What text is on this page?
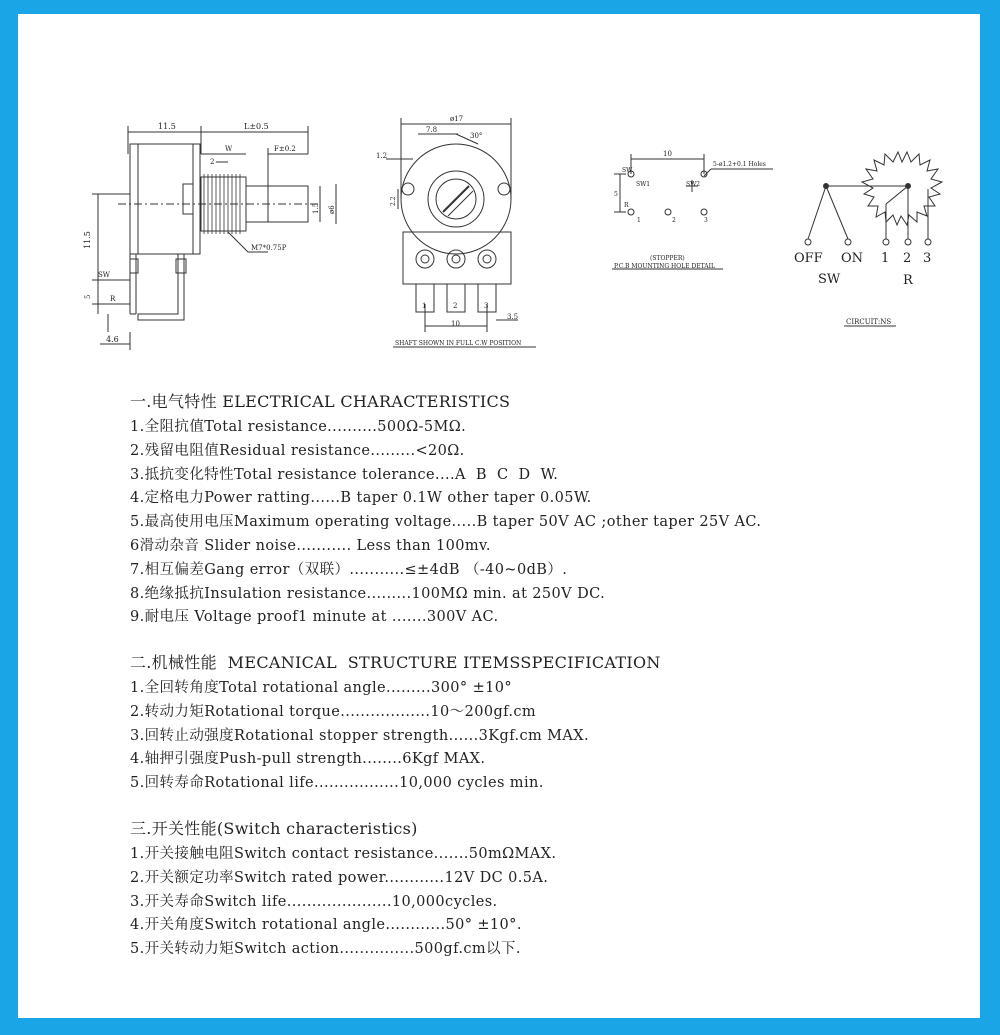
11.5	L±0.5
W
2
F±0.2
1.5 ø6
M7*0.75P
11.5
SW
R
5
4.6
ø17
7.8
30°
1.2
2.2
1	2	3
10
3.5
SHAFT SHOWN IN FULL C.W POSITION
10
5-ø1.2+0.1 Holes
SW1	SW2
5
SW
R
1	2	3
(STOPPER)
P.C.B MOUNTING HOLE DETAIL
OFF ON
SW
1 2 3
R
CIRCUIT:NS
一.电气特性 ELECTRICAL CHARACTERISTICS
1.全阻抗值Total resistance..........500Ω-5MΩ.
2.残留电阻值Residual resistance.........<20Ω.
3.抵抗变化特性Total resistance tolerance....A  B  C  D  W.
4.定格电力Power ratting......B taper 0.1W other taper 0.05W.
5.最高使用电压Maximum operating voltage.....B taper 50V AC ;other taper 25V AC.
6滑动杂音 Slider noise........... Less than 100mv.
7.相互偏差Gang error（双联）...........≤±4dB （-40~0dB）.
8.绝缘抵抗Insulation resistance.........100MΩ min. at 250V DC.
9.耐电压 Voltage proof1 minute at .......300V AC.
二.机械性能  MECANICAL  STRUCTURE ITEMSSPECIFICATION
1.全回转角度Total rotational angle.........300° ±10°
2.转动力矩Rotational torque..................10～200gf.cm
3.回转止动强度Rotational stopper strength......3Kgf.cm MAX.
4.轴押引强度Push-pull strength........6Kgf MAX.
5.回转寿命Rotational life.................10,000 cycles min.
三.开关性能(Switch characteristics)
1.开关接触电阻Switch contact resistance.......50mΩMAX.
2.开关额定功率Switch rated power............12V DC 0.5A.
3.开关寿命Switch life.....................10,000cycles.
4.开关角度Switch rotational angle............50° ±10°.
5.开关转动力矩Switch action...............500gf.cm以下.
